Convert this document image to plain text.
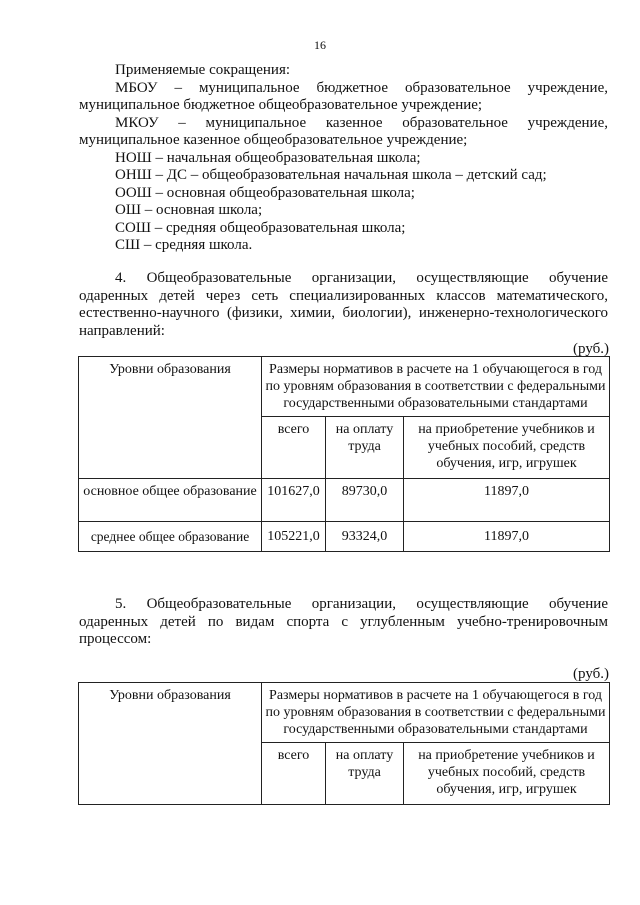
16
Применяемые сокращения:
МБОУ – муниципальное бюджетное образовательное учреждение,
муниципальное бюджетное общеобразовательное учреждение;
МКОУ – муниципальное казенное образовательное учреждение,
муниципальное казенное общеобразовательное учреждение;
НОШ – начальная общеобразовательная школа;
ОНШ – ДС – общеобразовательная начальная школа – детский сад;
ООШ – основная общеобразовательная школа;
ОШ – основная школа;
СОШ – средняя общеобразовательная школа;
СШ – средняя школа.
4. Общеобразовательные организации, осуществляющие обучение
одаренных детей через сеть специализированных классов математического,
естественно-научного (физики, химии, биологии), инженерно-технологического
направлений:
(руб.)
Уровни образования	Размеры нормативов в расчете на 1 обучающегося в год по уровням образования в соответствии с федеральными государственными образовательными стандартами		
	всего	на оплату труда	на приобретение учебников и учебных пособий, средств обучения, игр, игрушек
основное общее образование	101627,0	89730,0	11897,0
среднее общее образование	105221,0	93324,0	11897,0
5. Общеобразовательные организации, осуществляющие обучение
одаренных детей по видам спорта с углубленным учебно-тренировочным
процессом:
(руб.)
Уровни образования	Размеры нормативов в расчете на 1 обучающегося в год по уровням образования в соответствии с федеральными государственными образовательными стандартами		
	всего	на оплату труда	на приобретение учебников и учебных пособий, средств обучения, игр, игрушек
